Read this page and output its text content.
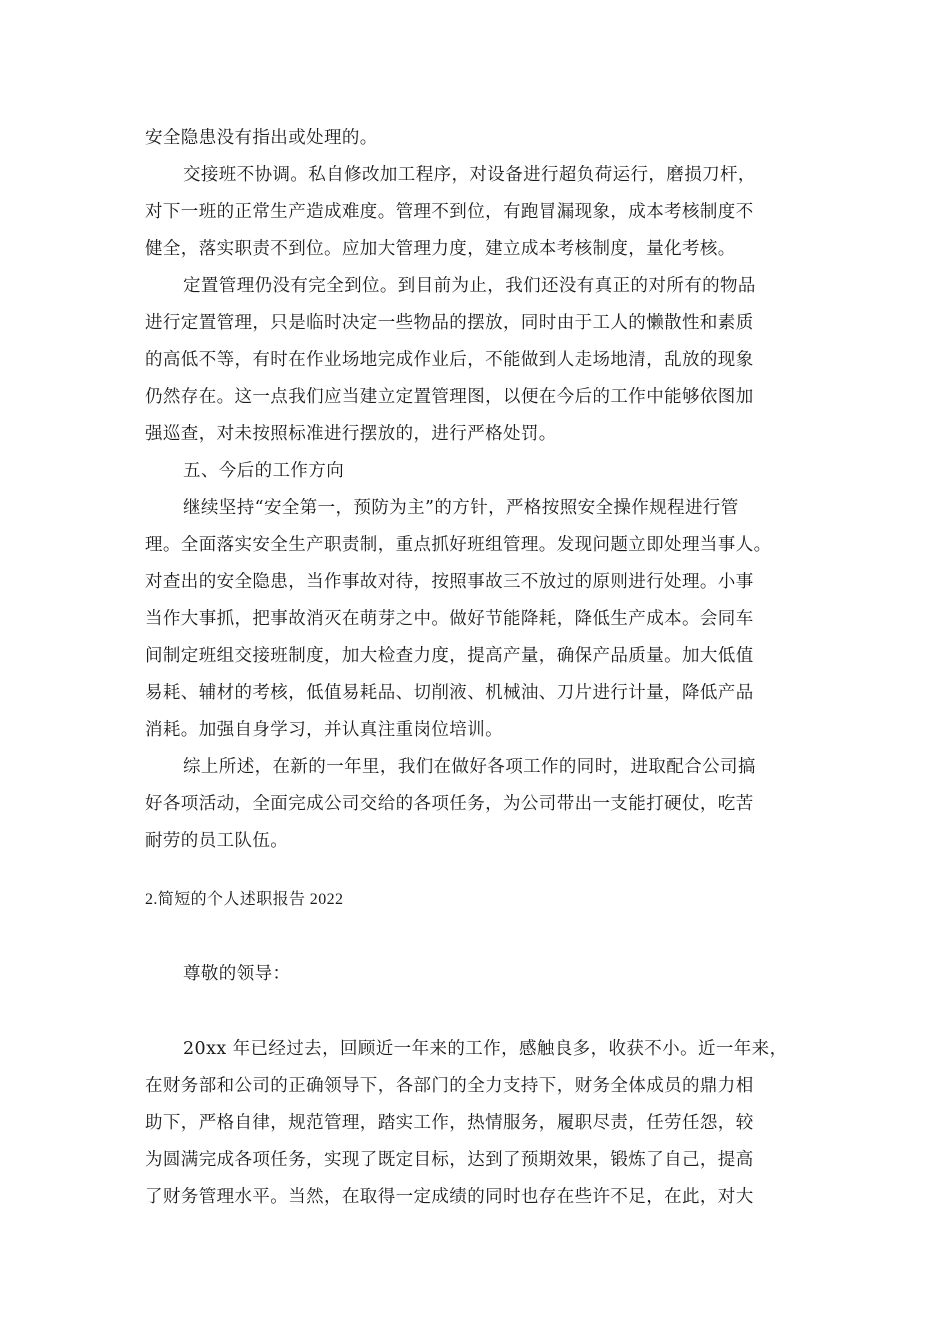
安全隐患没有指出或处理的。
交接班不协调。私自修改加工程序，对设备进行超负荷运行，磨损刀杆，
对下一班的正常生产造成难度。管理不到位，有跑冒漏现象，成本考核制度不
健全，落实职责不到位。应加大管理力度，建立成本考核制度，量化考核。
定置管理仍没有完全到位。到目前为止，我们还没有真正的对所有的物品
进行定置管理，只是临时决定一些物品的摆放，同时由于工人的懒散性和素质
的高低不等，有时在作业场地完成作业后，不能做到人走场地清，乱放的现象
仍然存在。这一点我们应当建立定置管理图，以便在今后的工作中能够依图加
强巡查，对未按照标准进行摆放的，进行严格处罚。
五、今后的工作方向
继续坚持“安全第一，预防为主”的方针，严格按照安全操作规程进行管
理。全面落实安全生产职责制，重点抓好班组管理。发现问题立即处理当事人。
对查出的安全隐患，当作事故对待，按照事故三不放过的原则进行处理。小事
当作大事抓，把事故消灭在萌芽之中。做好节能降耗，降低生产成本。会同车
间制定班组交接班制度，加大检查力度，提高产量，确保产品质量。加大低值
易耗、辅材的考核，低值易耗品、切削液、机械油、刀片进行计量，降低产品
消耗。加强自身学习，并认真注重岗位培训。
综上所述，在新的一年里，我们在做好各项工作的同时，进取配合公司搞
好各项活动，全面完成公司交给的各项任务，为公司带出一支能打硬仗，吃苦
耐劳的员工队伍。
2.简短的个人述职报告 2022
尊敬的领导：
20xx 年已经过去，回顾近一年来的工作，感触良多，收获不小。近一年来，
在财务部和公司的正确领导下，各部门的全力支持下，财务全体成员的鼎力相
助下，严格自律，规范管理，踏实工作，热情服务，履职尽责，任劳任怨，较
为圆满完成各项任务，实现了既定目标，达到了预期效果，锻炼了自己，提高
了财务管理水平。当然，在取得一定成绩的同时也存在些许不足，在此，对大
